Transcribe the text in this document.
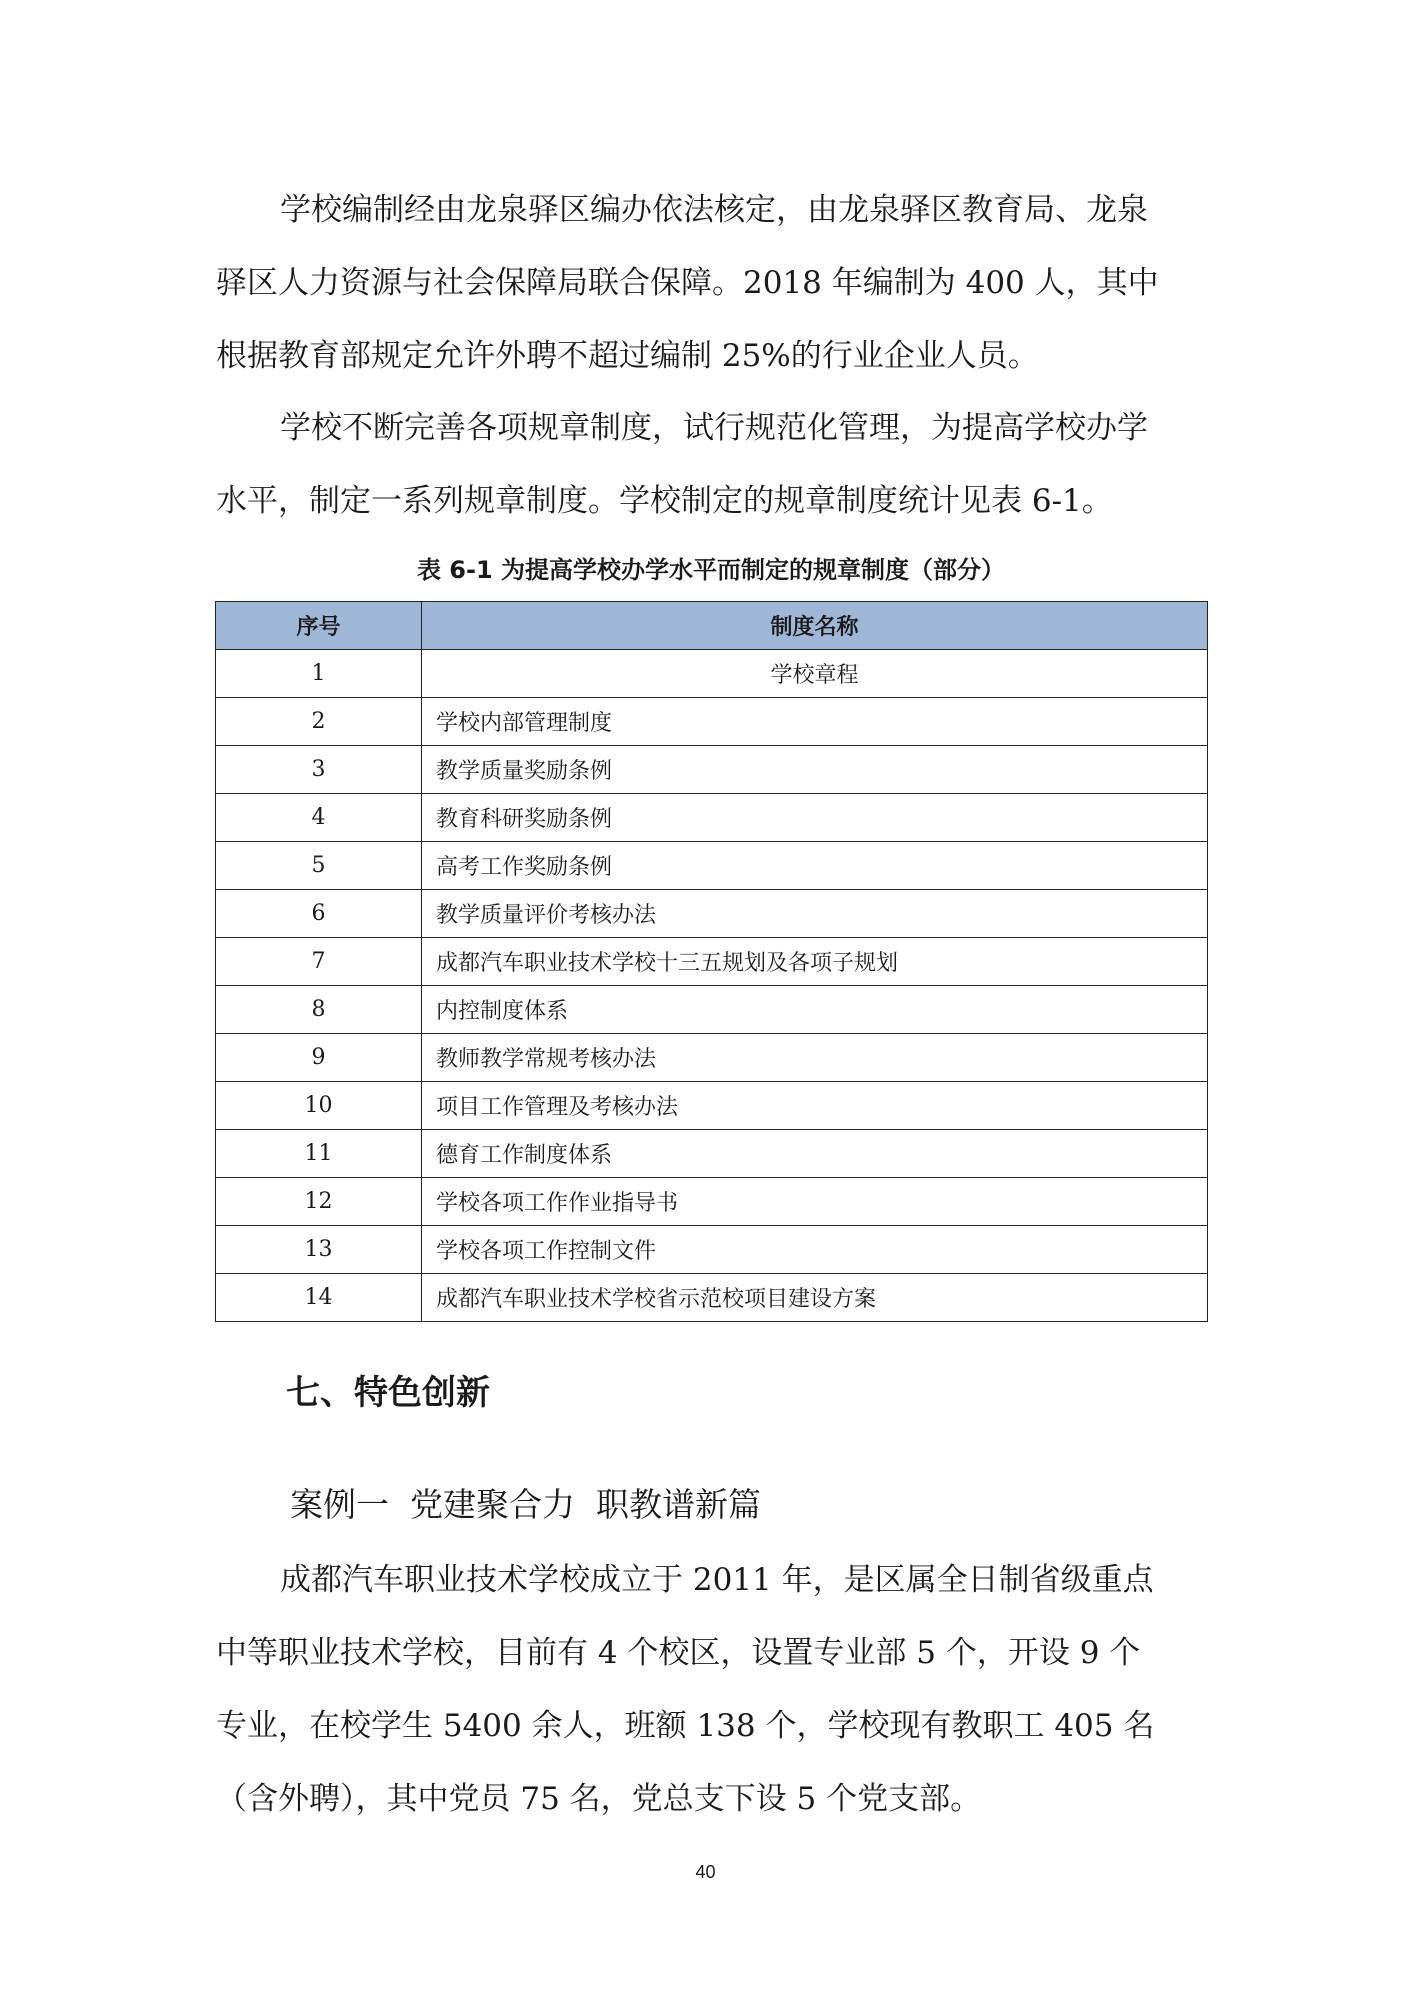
学校编制经由龙泉驿区编办依法核定，由龙泉驿区教育局、龙泉
驿区人力资源与社会保障局联合保障。2018 年编制为 400 人，其中
根据教育部规定允许外聘不超过编制 25%的行业企业人员。
学校不断完善各项规章制度，试行规范化管理，为提高学校办学
水平，制定一系列规章制度。学校制定的规章制度统计见表 6-1。
表 6-1 为提高学校办学水平而制定的规章制度（部分）
序号	制度名称
1	学校章程
2	学校内部管理制度
3	教学质量奖励条例
4	教育科研奖励条例
5	高考工作奖励条例
6	教学质量评价考核办法
7	成都汽车职业技术学校十三五规划及各项子规划
8	内控制度体系
9	教师教学常规考核办法
10	项目工作管理及考核办法
11	德育工作制度体系
12	学校各项工作作业指导书
13	学校各项工作控制文件
14	成都汽车职业技术学校省示范校项目建设方案
七、特色创新
案例一  党建聚合力  职教谱新篇
成都汽车职业技术学校成立于 2011 年，是区属全日制省级重点
中等职业技术学校，目前有 4 个校区，设置专业部 5 个，开设 9 个
专业，在校学生 5400 余人，班额 138 个，学校现有教职工 405 名
（含外聘），其中党员 75 名，党总支下设 5 个党支部。
40
